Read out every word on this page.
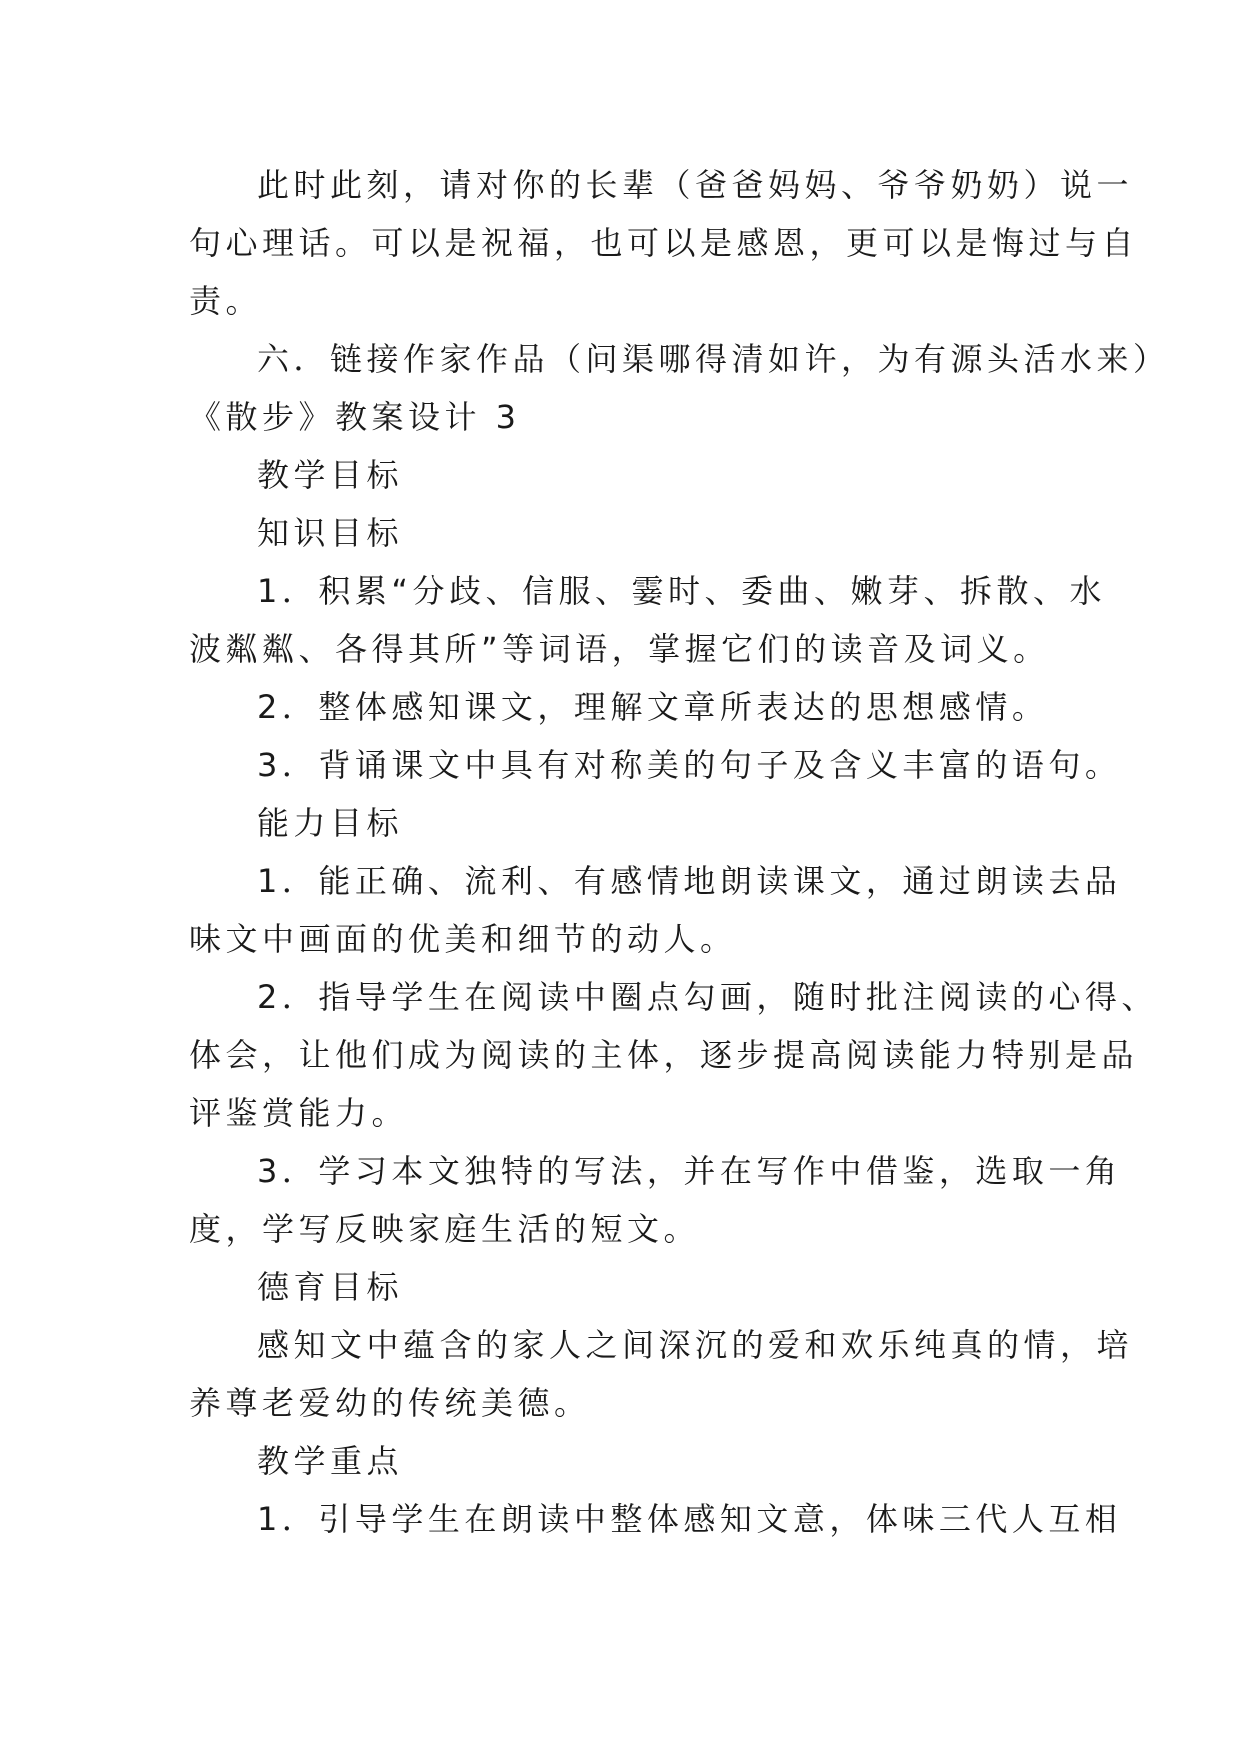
此时此刻，请对你的长辈（爸爸妈妈、爷爷奶奶）说一
句心理话。可以是祝福，也可以是感恩，更可以是悔过与自
责。
六．链接作家作品（问渠哪得清如许，为有源头活水来）
《散步》教案设计 3
教学目标
知识目标
1．积累“分歧、信服、霎时、委曲、嫩芽、拆散、水
波粼粼、各得其所”等词语，掌握它们的读音及词义。
2．整体感知课文，理解文章所表达的思想感情。
3．背诵课文中具有对称美的句子及含义丰富的语句。
能力目标
1．能正确、流利、有感情地朗读课文，通过朗读去品
味文中画面的优美和细节的动人。
2．指导学生在阅读中圈点勾画，随时批注阅读的心得、
体会，让他们成为阅读的主体，逐步提高阅读能力特别是品
评鉴赏能力。
3．学习本文独特的写法，并在写作中借鉴，选取一角
度，学写反映家庭生活的短文。
德育目标
感知文中蕴含的家人之间深沉的爱和欢乐纯真的情，培
养尊老爱幼的传统美德。
教学重点
1．引导学生在朗读中整体感知文意，体味三代人互相
